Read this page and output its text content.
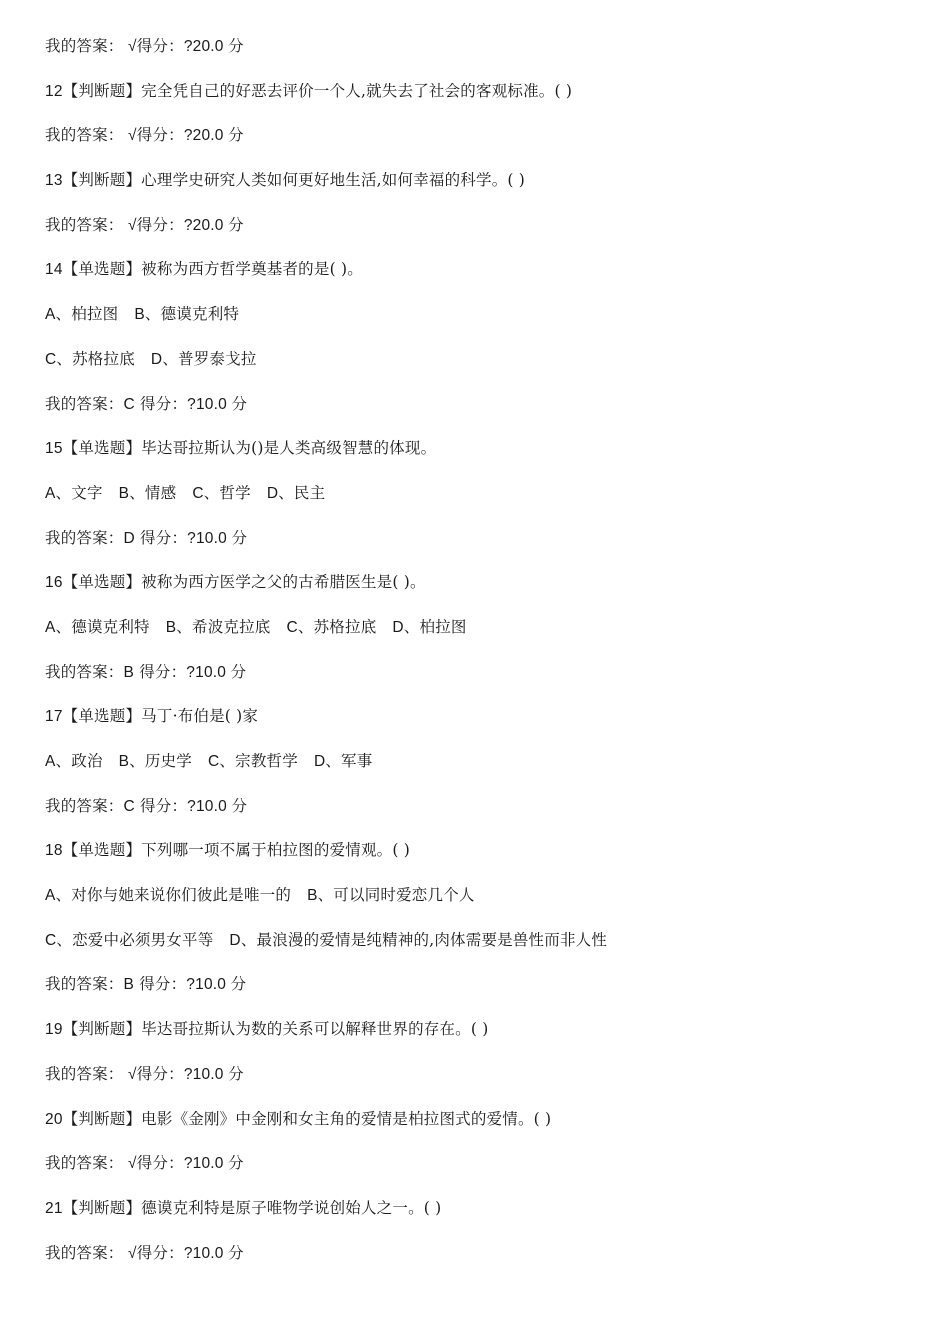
我的答案： √得分：?20.0 分
12【判断题】完全凭自己的好恶去评价一个人,就失去了社会的客观标准。( )
我的答案： √得分：?20.0 分
13【判断题】心理学史研究人类如何更好地生活,如何幸福的科学。( )
我的答案： √得分：?20.0 分
14【单选题】被称为西方哲学奠基者的是( )。
A、柏拉图 B、德谟克利特
C、苏格拉底 D、普罗泰戈拉
我的答案：C 得分：?10.0 分
15【单选题】毕达哥拉斯认为()是人类高级智慧的体现。
A、文字 B、情感 C、哲学 D、民主
我的答案：D 得分：?10.0 分
16【单选题】被称为西方医学之父的古希腊医生是( )。
A、德谟克利特 B、希波克拉底 C、苏格拉底 D、柏拉图
我的答案：B 得分：?10.0 分
17【单选题】马丁·布伯是( )家
A、政治 B、历史学 C、宗教哲学 D、军事
我的答案：C 得分：?10.0 分
18【单选题】下列哪一项不属于柏拉图的爱情观。( )
A、对你与她来说你们彼此是唯一的 B、可以同时爱恋几个人
C、恋爱中必须男女平等 D、最浪漫的爱情是纯精神的,肉体需要是兽性而非人性
我的答案：B 得分：?10.0 分
19【判断题】毕达哥拉斯认为数的关系可以解释世界的存在。( )
我的答案： √得分：?10.0 分
20【判断题】电影《金刚》中金刚和女主角的爱情是柏拉图式的爱情。( )
我的答案： √得分：?10.0 分
21【判断题】德谟克利特是原子唯物学说创始人之一。( )
我的答案： √得分：?10.0 分
